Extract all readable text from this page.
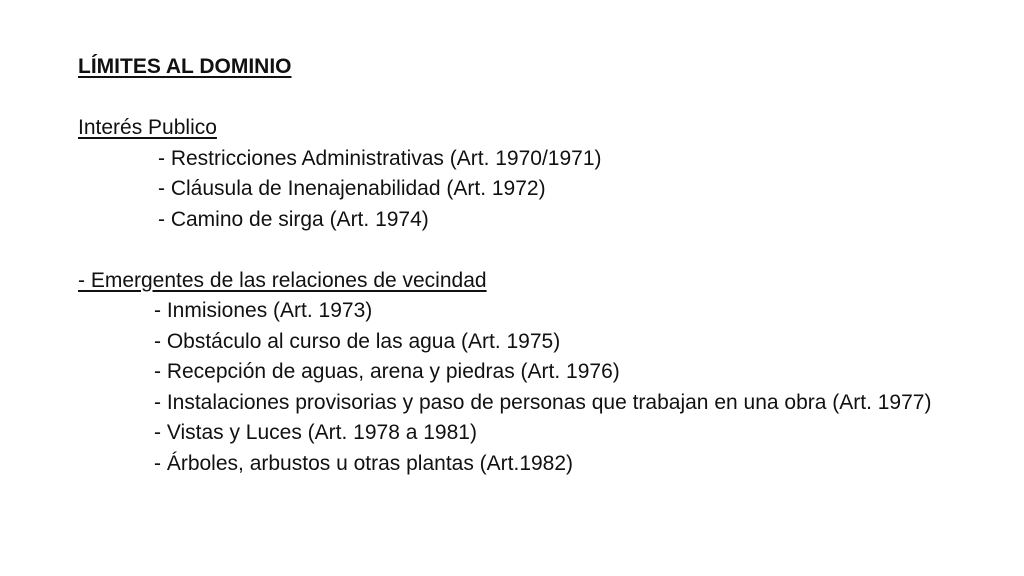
LÍMITES AL DOMINIO
Interés Publico
- Restricciones Administrativas (Art. 1970/1971)
- Cláusula de Inenajenabilidad (Art. 1972)
- Camino de sirga (Art. 1974)
- Emergentes de las relaciones de vecindad
- Inmisiones (Art. 1973)
- Obstáculo al curso de las agua (Art. 1975)
- Recepción de aguas, arena y piedras (Art. 1976)
- Instalaciones provisorias y paso de personas que trabajan en una obra (Art. 1977)
- Vistas y Luces (Art. 1978 a 1981)
- Árboles, arbustos u otras plantas (Art.1982)
